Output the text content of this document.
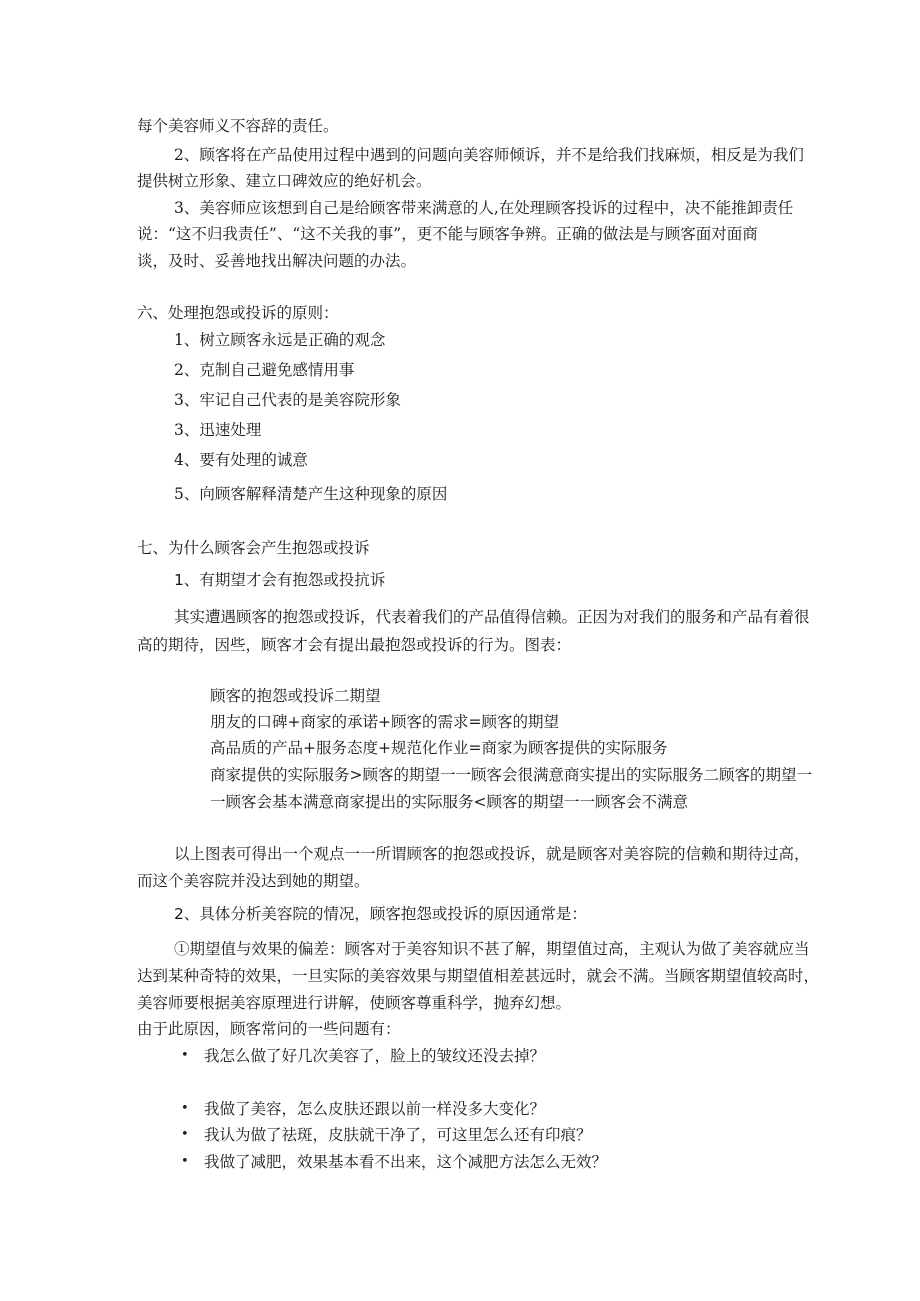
每个美容师义不容辞的责任。
2、顾客将在产品使用过程中遇到的问题向美容师倾诉，并不是给我们找麻烦，相反是为我们
提供树立形象、建立口碑效应的绝好机会。
3、美容师应该想到自己是给顾客带来满意的人,在处理顾客投诉的过程中，决不能推卸责任
说：“这不归我责任”、“这不关我的事”，更不能与顾客争辨。正确的做法是与顾客面对面商
谈，及时、妥善地找出解决问题的办法。
六、处理抱怨或投诉的原则：
1、树立顾客永远是正确的观念
2、克制自己避免感情用事
3、牢记自己代表的是美容院形象
3、迅速处理
4、要有处理的诚意
5、向顾客解释清楚产生这种现象的原因
七、为什么顾客会产生抱怨或投诉
1、有期望才会有抱怨或投抗诉
其实遭遇顾客的抱怨或投诉，代表着我们的产品值得信赖。正因为对我们的服务和产品有着很
高的期待，因些，顾客才会有提出最抱怨或投诉的行为。图表：
顾客的抱怨或投诉二期望
朋友的口碑+商家的承诺+顾客的需求=顾客的期望
高品质的产品+服务态度+规范化作业=商家为顾客提供的实际服务
商家提供的实际服务>顾客的期望一一顾客会很满意商实提出的实际服务二顾客的期望一
一顾客会基本满意商家提出的实际服务<顾客的期望一一顾客会不满意
以上图表可得出一个观点一一所谓顾客的抱怨或投诉，就是顾客对美容院的信赖和期待过高，
而这个美容院并没达到她的期望。
2、具体分析美容院的情况，顾客抱怨或投诉的原因通常是：
①期望值与效果的偏差：顾客对于美容知识不甚了解，期望值过高，主观认为做了美容就应当
达到某种奇特的效果，一旦实际的美容效果与期望值相差甚远时，就会不满。当顾客期望值较高时，
美容师要根据美容原理进行讲解，使顾客尊重科学，抛弃幻想。
由于此原因，顾客常问的一些问题有：
• 我怎么做了好几次美容了，脸上的皱纹还没去掉？
• 我做了美容，怎么皮肤还跟以前一样没多大变化？
• 我认为做了祛斑，皮肤就干净了，可这里怎么还有印痕？
• 我做了减肥，效果基本看不出来，这个减肥方法怎么无效？
